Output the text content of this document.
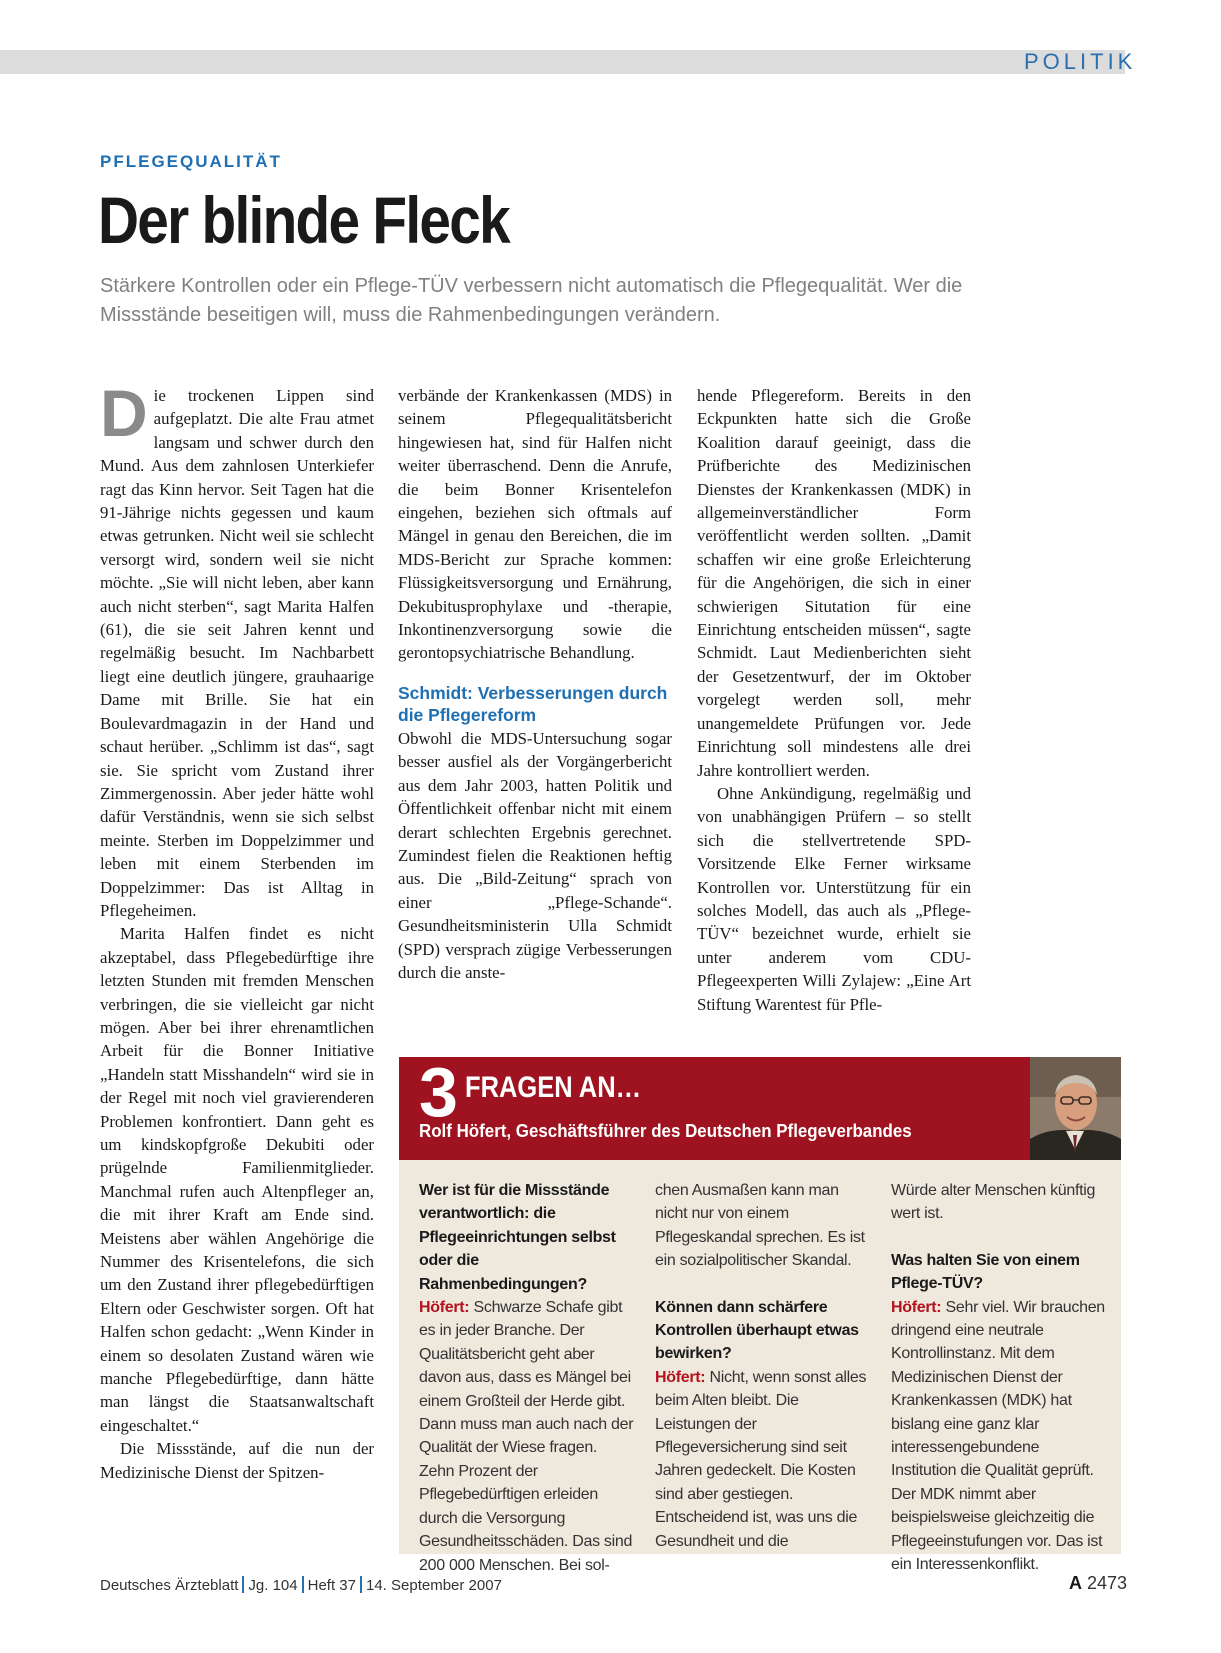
POLITIK
PFLEGEQUALITÄT
Der blinde Fleck

Stärkere Kontrollen oder ein Pflege-TÜV verbessern nicht automatisch die Pflegequalität. Wer die Missstände beseitigen will, muss die Rahmenbedingungen verändern.

Die trockenen Lippen sind aufgeplatzt. Die alte Frau atmet langsam und schwer durch den Mund. Aus dem zahnlosen Unterkiefer ragt das Kinn hervor. Seit Tagen hat die 91-Jährige nichts gegessen und kaum etwas getrunken. Nicht weil sie schlecht versorgt wird, sondern weil sie nicht möchte. „Sie will nicht leben, aber kann auch nicht sterben“, sagt Marita Halfen (61), die sie seit Jahren kennt und regelmäßig besucht. Im Nachbarbett liegt eine deutlich jüngere, grauhaarige Dame mit Brille. Sie hat ein Boulevardmagazin in der Hand und schaut herüber. „Schlimm ist das“, sagt sie. Sie spricht vom Zustand ihrer Zimmergenossin. Aber jeder hätte wohl dafür Verständnis, wenn sie sich selbst meinte. Sterben im Doppelzimmer und leben mit einem Sterbenden im Doppelzimmer: Das ist Alltag in Pflegeheimen.

Marita Halfen findet es nicht akzeptabel, dass Pflegebedürftige ihre letzten Stunden mit fremden Menschen verbringen, die sie vielleicht gar nicht mögen. Aber bei ihrer ehrenamtlichen Arbeit für die Bonner Initiative „Handeln statt Misshandeln“ wird sie in der Regel mit noch viel gravierenderen Problemen konfrontiert. Dann geht es um kindskopfgroße Dekubiti oder prügelnde Familienmitglieder. Manchmal rufen auch Altenpfleger an, die mit ihrer Kraft am Ende sind. Meistens aber wählen Angehörige die Nummer des Krisentelefons, die sich um den Zustand ihrer pflegebedürftigen Eltern oder Geschwister sorgen. Oft hat Halfen schon gedacht: „Wenn Kinder in einem so desolaten Zustand wären wie manche Pflegebedürftige, dann hätte man längst die Staatsanwaltschaft eingeschaltet.“

Die Missstände, auf die nun der Medizinische Dienst der Spitzen-

verbände der Krankenkassen (MDS) in seinem Pflegequalitätsbericht hingewiesen hat, sind für Halfen nicht weiter überraschend. Denn die Anrufe, die beim Bonner Krisentelefon eingehen, beziehen sich oftmals auf Mängel in genau den Bereichen, die im MDS-Bericht zur Sprache kommen: Flüssigkeitsversorgung und Ernährung, Dekubitusprophylaxe und -therapie, Inkontinenzversorgung sowie die gerontopsychiatrische Behandlung.

Schmidt: Verbesserungen durch die Pflegereform

Obwohl die MDS-Untersuchung sogar besser ausfiel als der Vorgängerbericht aus dem Jahr 2003, hatten Politik und Öffentlichkeit offenbar nicht mit einem derart schlechten Ergebnis gerechnet. Zumindest fielen die Reaktionen heftig aus. Die „Bild-Zeitung“ sprach von einer „Pflege-Schande“. Gesundheitsministerin Ulla Schmidt (SPD) versprach zügige Verbesserungen durch die anste-

hende Pflegereform. Bereits in den Eckpunkten hatte sich die Große Koalition darauf geeinigt, dass die Prüfberichte des Medizinischen Dienstes der Krankenkassen (MDK) in allgemeinverständlicher Form veröffentlicht werden sollten. „Damit schaffen wir eine große Erleichterung für die Angehörigen, die sich in einer schwierigen Situtation für eine Einrichtung entscheiden müssen“, sagte Schmidt. Laut Medienberichten sieht der Gesetzentwurf, der im Oktober vorgelegt werden soll, mehr unangemeldete Prüfungen vor. Jede Einrichtung soll mindestens alle drei Jahre kontrolliert werden.

Ohne Ankündigung, regelmäßig und von unabhängigen Prüfern – so stellt sich die stellvertretende SPD-Vorsitzende Elke Ferner wirksame Kontrollen vor. Unterstützung für ein solches Modell, das auch als „Pflege-TÜV“ bezeichnet wurde, erhielt sie unter anderem vom CDU-Pflegeexperten Willi Zylajew: „Eine Art Stiftung Warentest für Pfle-

3 FRAGEN AN…
Rolf Höfert, Geschäftsführer des Deutschen Pflegeverbandes

Wer ist für die Missstände verantwortlich: die Pflegeeinrichtungen selbst oder die Rahmenbedingungen?
Höfert: Schwarze Schafe gibt es in jeder Branche. Der Qualitätsbericht geht aber davon aus, dass es Mängel bei einem Großteil der Herde gibt. Dann muss man auch nach der Qualität der Wiese fragen. Zehn Prozent der Pflegebedürftigen erleiden durch die Versorgung Gesundheitsschäden. Das sind 200 000 Menschen. Bei sol-

chen Ausmaßen kann man nicht nur von einem Pflegeskandal sprechen. Es ist ein sozialpolitischer Skandal.

Können dann schärfere Kontrollen überhaupt etwas bewirken?
Höfert: Nicht, wenn sonst alles beim Alten bleibt. Die Leistungen der Pflegeversicherung sind seit Jahren gedeckelt. Die Kosten sind aber gestiegen. Entscheidend ist, was uns die Gesundheit und die

Würde alter Menschen künftig wert ist.

Was halten Sie von einem Pflege-TÜV?
Höfert: Sehr viel. Wir brauchen dringend eine neutrale Kontrollinstanz. Mit dem Medizinischen Dienst der Krankenkassen (MDK) hat bislang eine ganz klar interessengebundene Institution die Qualität geprüft. Der MDK nimmt aber beispielsweise gleichzeitig die Pflegeeinstufungen vor. Das ist ein Interessenkonflikt.

Deutsches Ärzteblatt Jg. 104 Heft 37 14. September 2007	A 2473
